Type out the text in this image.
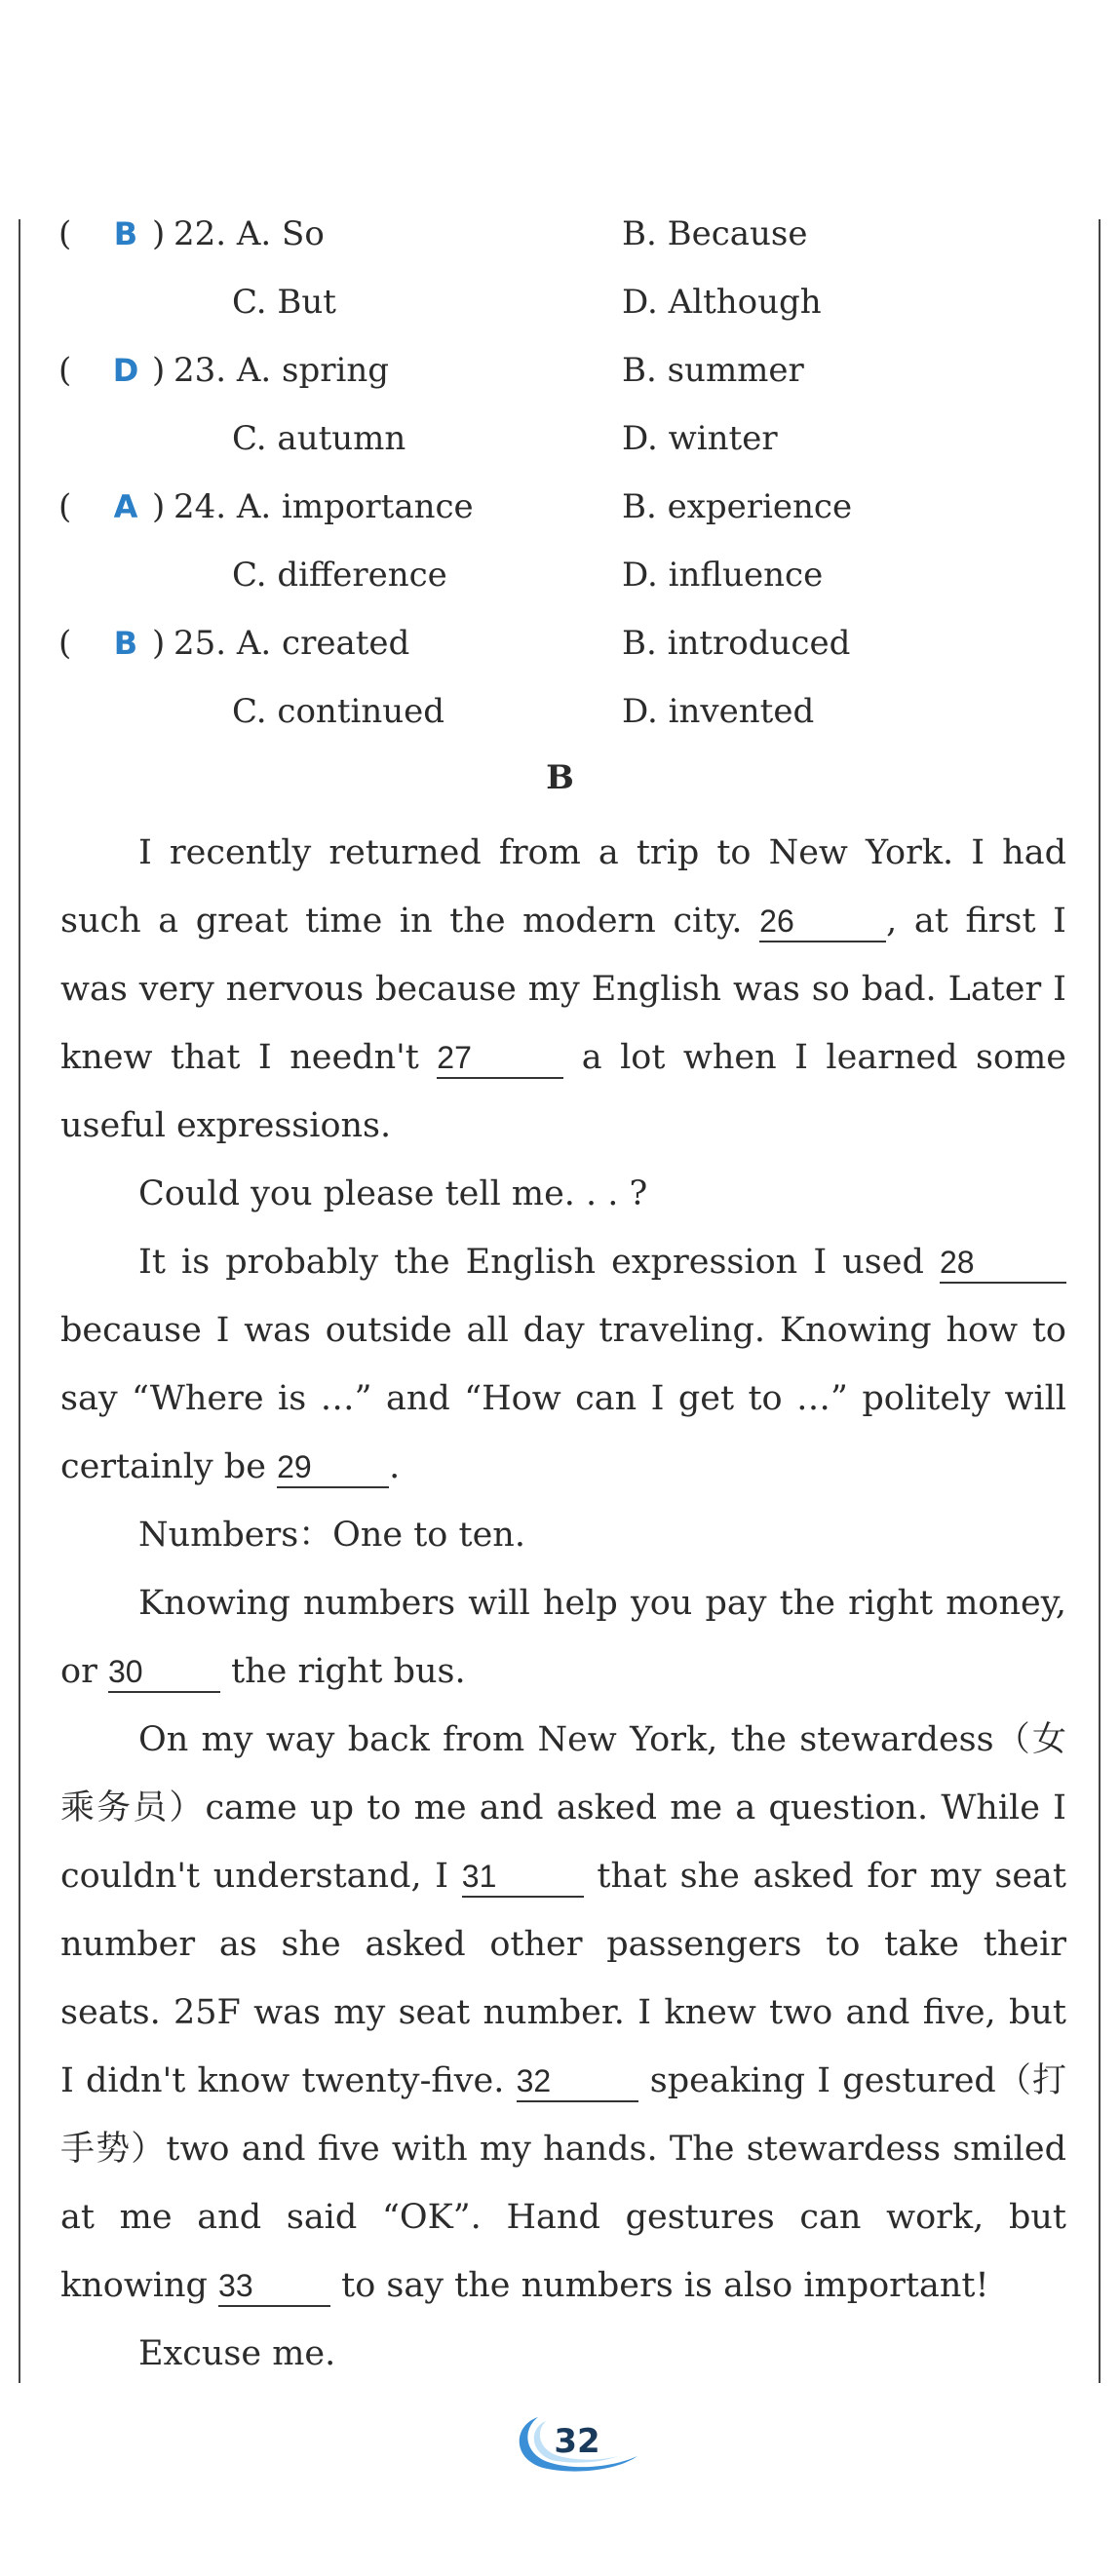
(	B ) 22. A. So	B. Because
C. But	D. Although
(	D ) 23. A. spring	B. summer
C. autumn	D. winter
(	A ) 24. A. importance	B. experience
C. difference	D. influence
(	B ) 25. A. created	B. introduced
C. continued	D. invented
B

I recently returned from a trip to New York. I had such a great time in the modern city. 26	, at first I was very nervous because my English was so bad. Later I knew that I needn't 27	a lot when I learned some useful expressions.

Could you please tell me. . . ?

It is probably the English expression I used 28 because I was outside all day traveling. Knowing how to say “Where is …” and “How can I get to …” politely will certainly be 29 .

Numbers：One to ten.

Knowing numbers will help you pay the right money, or 30 the right bus.

On my way back from New York, the stewardess（女乘务员）came up to me and asked me a question. While I couldn't understand, I 31	that she asked for my seat number as she asked other passengers to take their seats. 25F was my seat number. I knew two and five, but I didn't know twenty-five. 32	speaking I gestured（打手势）two and five with my hands. The stewardess smiled at me and said “OK”. Hand gestures can work, but knowing 33 to say the numbers is also important!

Excuse me.

32
